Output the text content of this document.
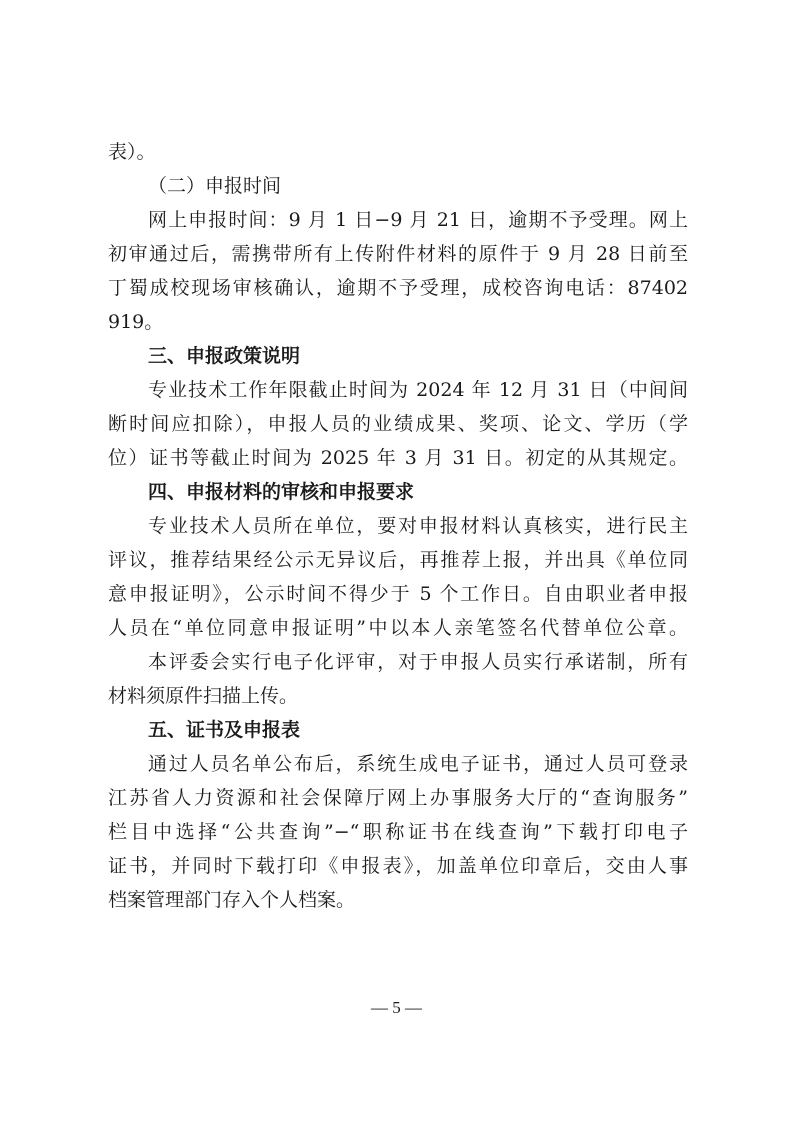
表）。
（二）申报时间
网上申报时间：9 月 1 日−9 月 21 日，逾期不予受理。网上
初审通过后，需携带所有上传附件材料的原件于 9 月 28 日前至
丁蜀成校现场审核确认，逾期不予受理，成校咨询电话：87402
919。
三、申报政策说明
专业技术工作年限截止时间为 2024 年 12 月 31 日（中间间
断时间应扣除），申报人员的业绩成果、奖项、论文、学历（学
位）证书等截止时间为 2025 年 3 月 31 日。初定的从其规定。
四、申报材料的审核和申报要求
专业技术人员所在单位，要对申报材料认真核实，进行民主
评议，推荐结果经公示无异议后，再推荐上报，并出具《单位同
意申报证明》，公示时间不得少于 5 个工作日。自由职业者申报
人员在“单位同意申报证明”中以本人亲笔签名代替单位公章。
本评委会实行电子化评审，对于申报人员实行承诺制，所有
材料须原件扫描上传。
五、证书及申报表
通过人员名单公布后，系统生成电子证书，通过人员可登录
江苏省人力资源和社会保障厅网上办事服务大厅的“查询服务”
栏目中选择“公共查询”−“职称证书在线查询”下载打印电子
证书，并同时下载打印《申报表》，加盖单位印章后，交由人事
档案管理部门存入个人档案。
— 5 —
